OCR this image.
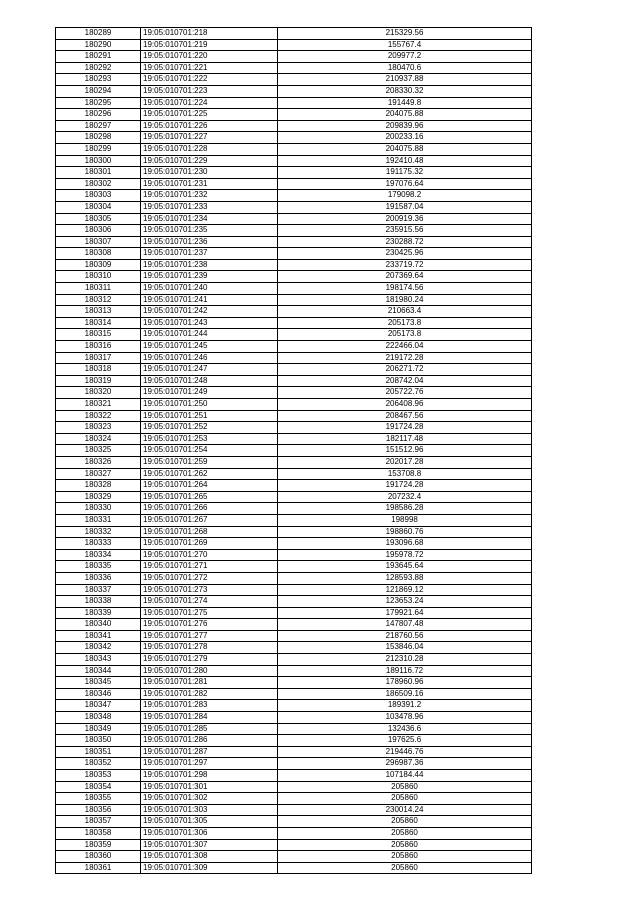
180289	19:05:010701:218	215329.56
180290	19:05:010701:219	155767.4
180291	19:05:010701:220	209977.2
180292	19:05:010701:221	180470.6
180293	19:05:010701:222	210937.88
180294	19:05:010701:223	208330.32
180295	19:05:010701:224	191449.8
180296	19:05:010701:225	204075.88
180297	19:05:010701:226	209839.96
180298	19:05:010701:227	200233.16
180299	19:05:010701:228	204075.88
180300	19:05:010701:229	192410.48
180301	19:05:010701:230	191175.32
180302	19:05:010701:231	197076.64
180303	19:05:010701:232	179098.2
180304	19:05:010701:233	191587.04
180305	19:05:010701:234	200919.36
180306	19:05:010701:235	235915.56
180307	19:05:010701:236	230288.72
180308	19:05:010701:237	230425.96
180309	19:05:010701:238	233719.72
180310	19:05:010701:239	207369.64
180311	19:05:010701:240	198174.56
180312	19:05:010701:241	181980.24
180313	19:05:010701:242	210663.4
180314	19:05:010701:243	205173.8
180315	19:05:010701:244	205173.8
180316	19:05:010701:245	222466.04
180317	19:05:010701:246	219172.28
180318	19:05:010701:247	206271.72
180319	19:05:010701:248	208742.04
180320	19:05:010701:249	205722.76
180321	19:05:010701:250	206408.96
180322	19:05:010701:251	208467.56
180323	19:05:010701:252	191724.28
180324	19:05:010701:253	182117.48
180325	19:05:010701:254	151512.96
180326	19:05:010701:259	202017.28
180327	19:05:010701:262	153708.8
180328	19:05:010701:264	191724.28
180329	19:05:010701:265	207232.4
180330	19:05:010701:266	198586.28
180331	19:05:010701:267	198998
180332	19:05:010701:268	198860.76
180333	19:05:010701:269	193096.68
180334	19:05:010701:270	195978.72
180335	19:05:010701:271	193645.64
180336	19:05:010701:272	128593.88
180337	19:05:010701:273	121869.12
180338	19:05:010701:274	123653.24
180339	19:05:010701:275	179921.64
180340	19:05:010701:276	147807.48
180341	19:05:010701:277	218760.56
180342	19:05:010701:278	153846.04
180343	19:05:010701:279	212310.28
180344	19:05:010701:280	189116.72
180345	19:05:010701:281	178960.96
180346	19:05:010701:282	186509.16
180347	19:05:010701:283	189391.2
180348	19:05:010701:284	103478.96
180349	19:05:010701:285	132436.6
180350	19:05:010701:286	197625.6
180351	19:05:010701:287	219446.76
180352	19:05:010701:297	296987.36
180353	19:05:010701:298	107184.44
180354	19:05:010701:301	205860
180355	19:05:010701:302	205860
180356	19:05:010701:303	230014.24
180357	19:05:010701:305	205860
180358	19:05:010701:306	205860
180359	19:05:010701:307	205860
180360	19:05:010701:308	205860
180361	19:05:010701:309	205860
